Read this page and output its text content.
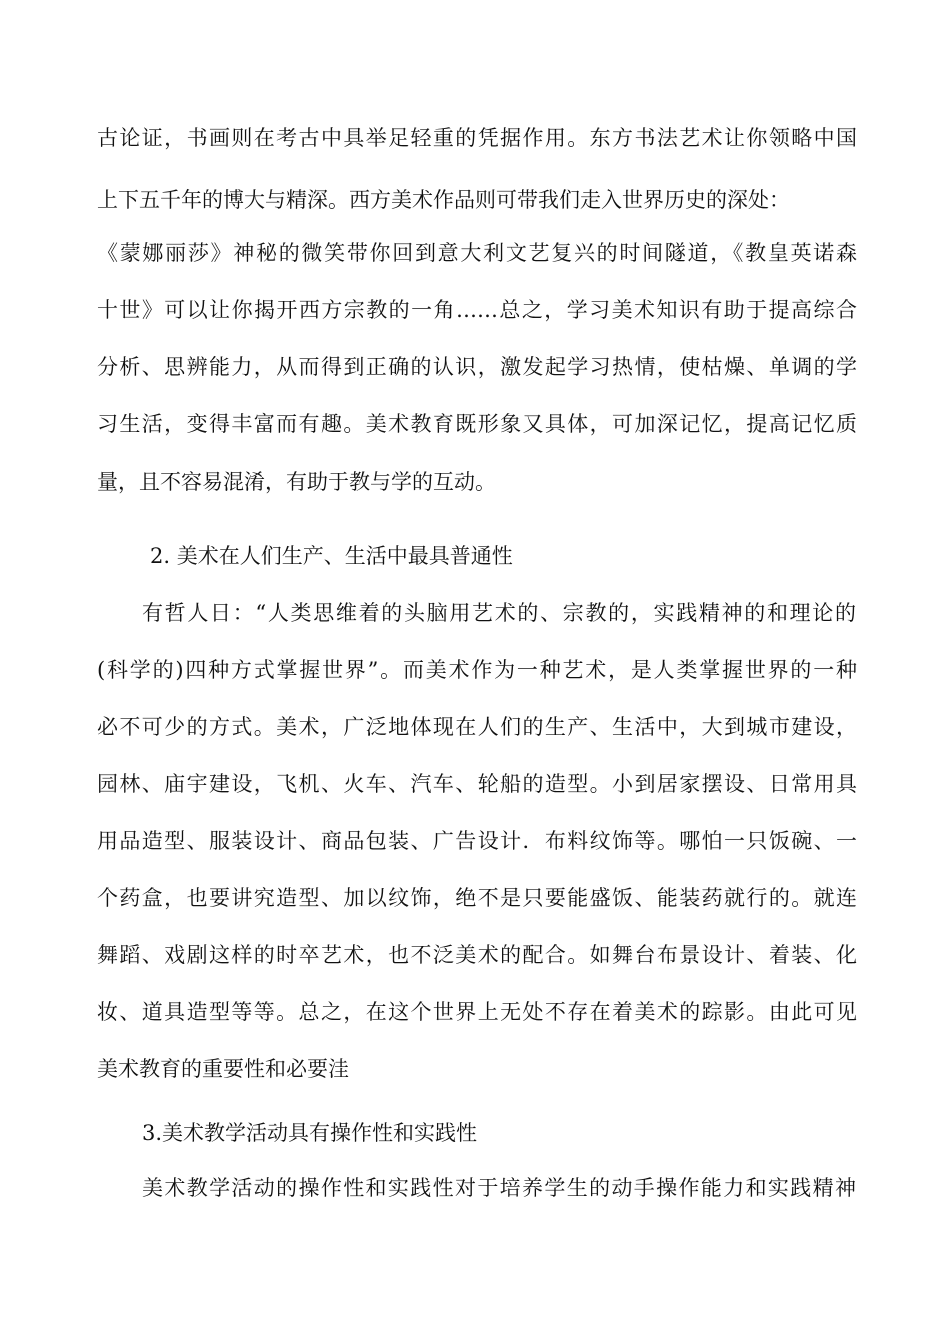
古论证，书画则在考古中具举足轻重的凭据作用。东方书法艺术让你领略中国
上下五千年的博大与精深。西方美术作品则可带我们走入世界历史的深处：
《蒙娜丽莎》神秘的微笑带你回到意大利文艺复兴的时间隧道，《教皇英诺森
十世》可以让你揭开西方宗教的一角……总之，学习美术知识有助于提高综合
分析、思辨能力，从而得到正确的认识，激发起学习热情，使枯燥、单调的学
习生活，变得丰富而有趣。美术教育既形象又具体，可加深记忆，提高记忆质
量，且不容易混淆，有助于教与学的互动。
2. 美术在人们生产、生活中最具普通性
有哲人日：“人类思维着的头脑用艺术的、宗教的，实践精神的和理论的
(科学的)四种方式掌握世界”。而美术作为一种艺术，是人类掌握世界的一种
必不可少的方式。美术，广泛地体现在人们的生产、生活中，大到城市建设，
园林、庙宇建设，飞机、火车、汽车、轮船的造型。小到居家摆设、日常用具
用品造型、服装设计、商品包装、广告设计．布料纹饰等。哪怕一只饭碗、一
个药盒，也要讲究造型、加以纹饰，绝不是只要能盛饭、能装药就行的。就连
舞蹈、戏剧这样的时卒艺术，也不泛美术的配合。如舞台布景设计、着装、化
妆、道具造型等等。总之，在这个世界上无处不存在着美术的踪影。由此可见
美术教育的重要性和必要洼
3.美术教学活动具有操作性和实践性
美术教学活动的操作性和实践性对于培养学生的动手操作能力和实践精神
